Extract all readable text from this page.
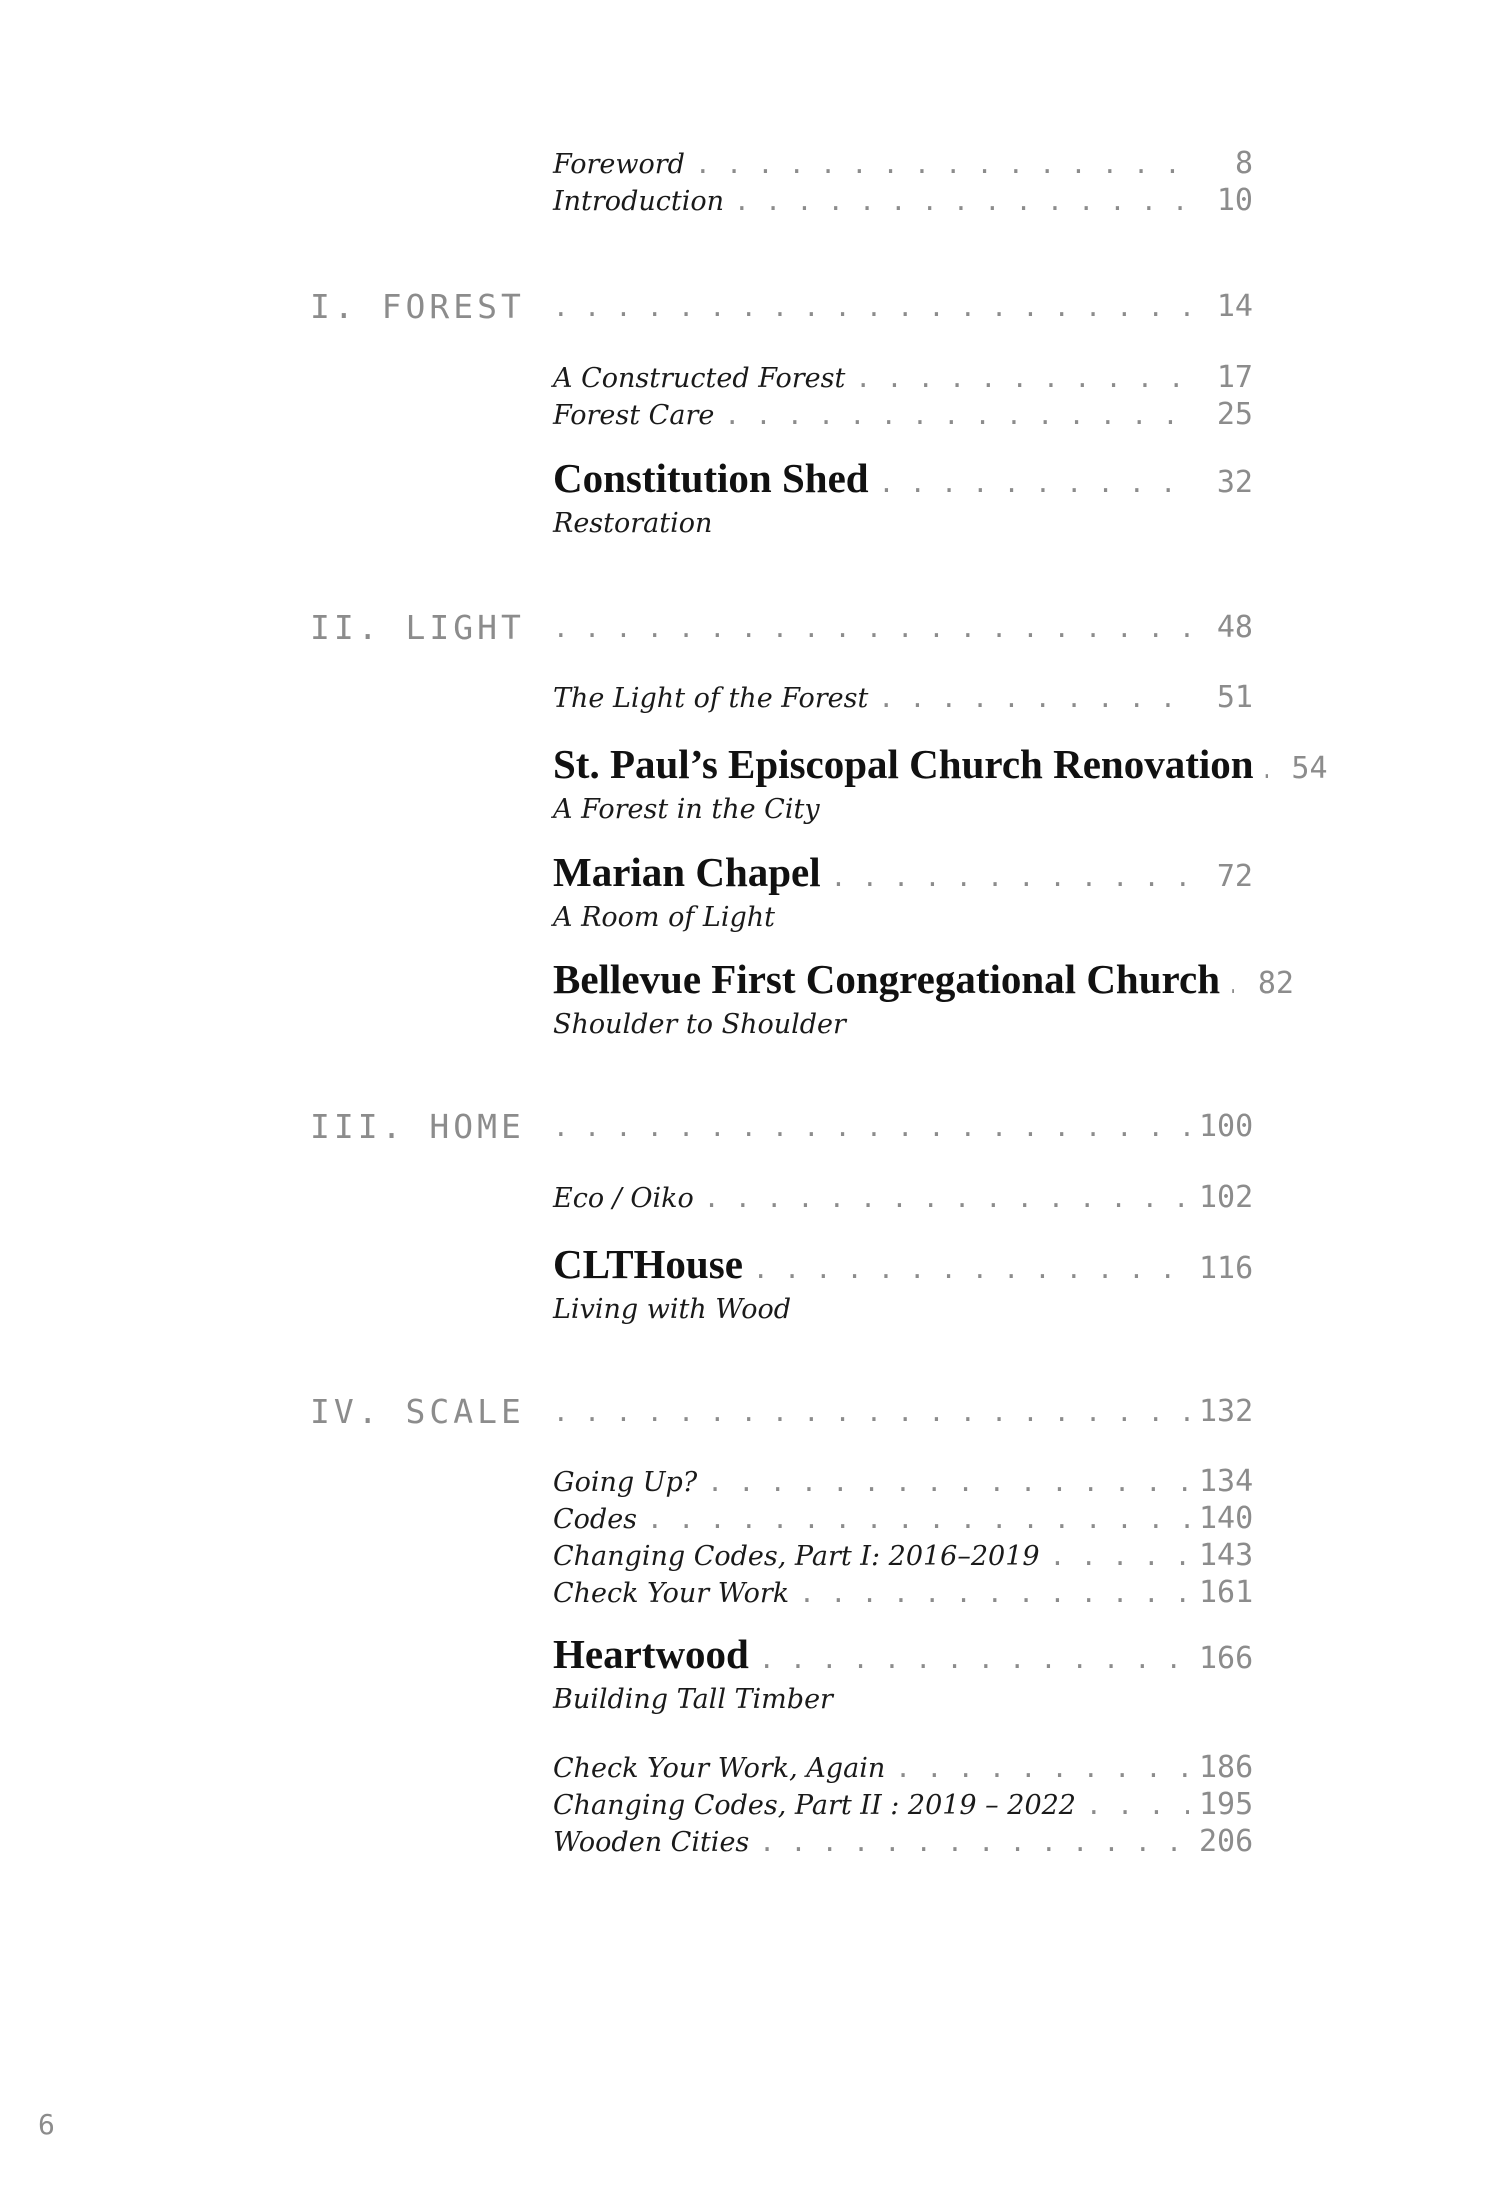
Foreword . . .	8
Introduction . . .	10
I. FOREST . . .	14
A Constructed Forest . . .	17
Forest Care . . .	25
Constitution Shed . . .	32
Restoration
II. LIGHT . . .	48
The Light of the Forest . . .	51
St. Paul’s Episcopal Church Renovation . . .	54
A Forest in the City
Marian Chapel . . .	72
A Room of Light
Bellevue First Congregational Church . . .	82
Shoulder to Shoulder
III. HOME . . .	100
Eco / Oiko . . .	102
CLTHouse . . .	116
Living with Wood
IV. SCALE . . .	132
Going Up? . . .	134
Codes . . .	140
Changing Codes, Part I: 2016–2019 . . .	143
Check Your Work . . .	161
Heartwood . . .	166
Building Tall Timber
Check Your Work, Again . . .	186
Changing Codes, Part II : 2019 – 2022 . . .	195
Wooden Cities . . .	206
6
